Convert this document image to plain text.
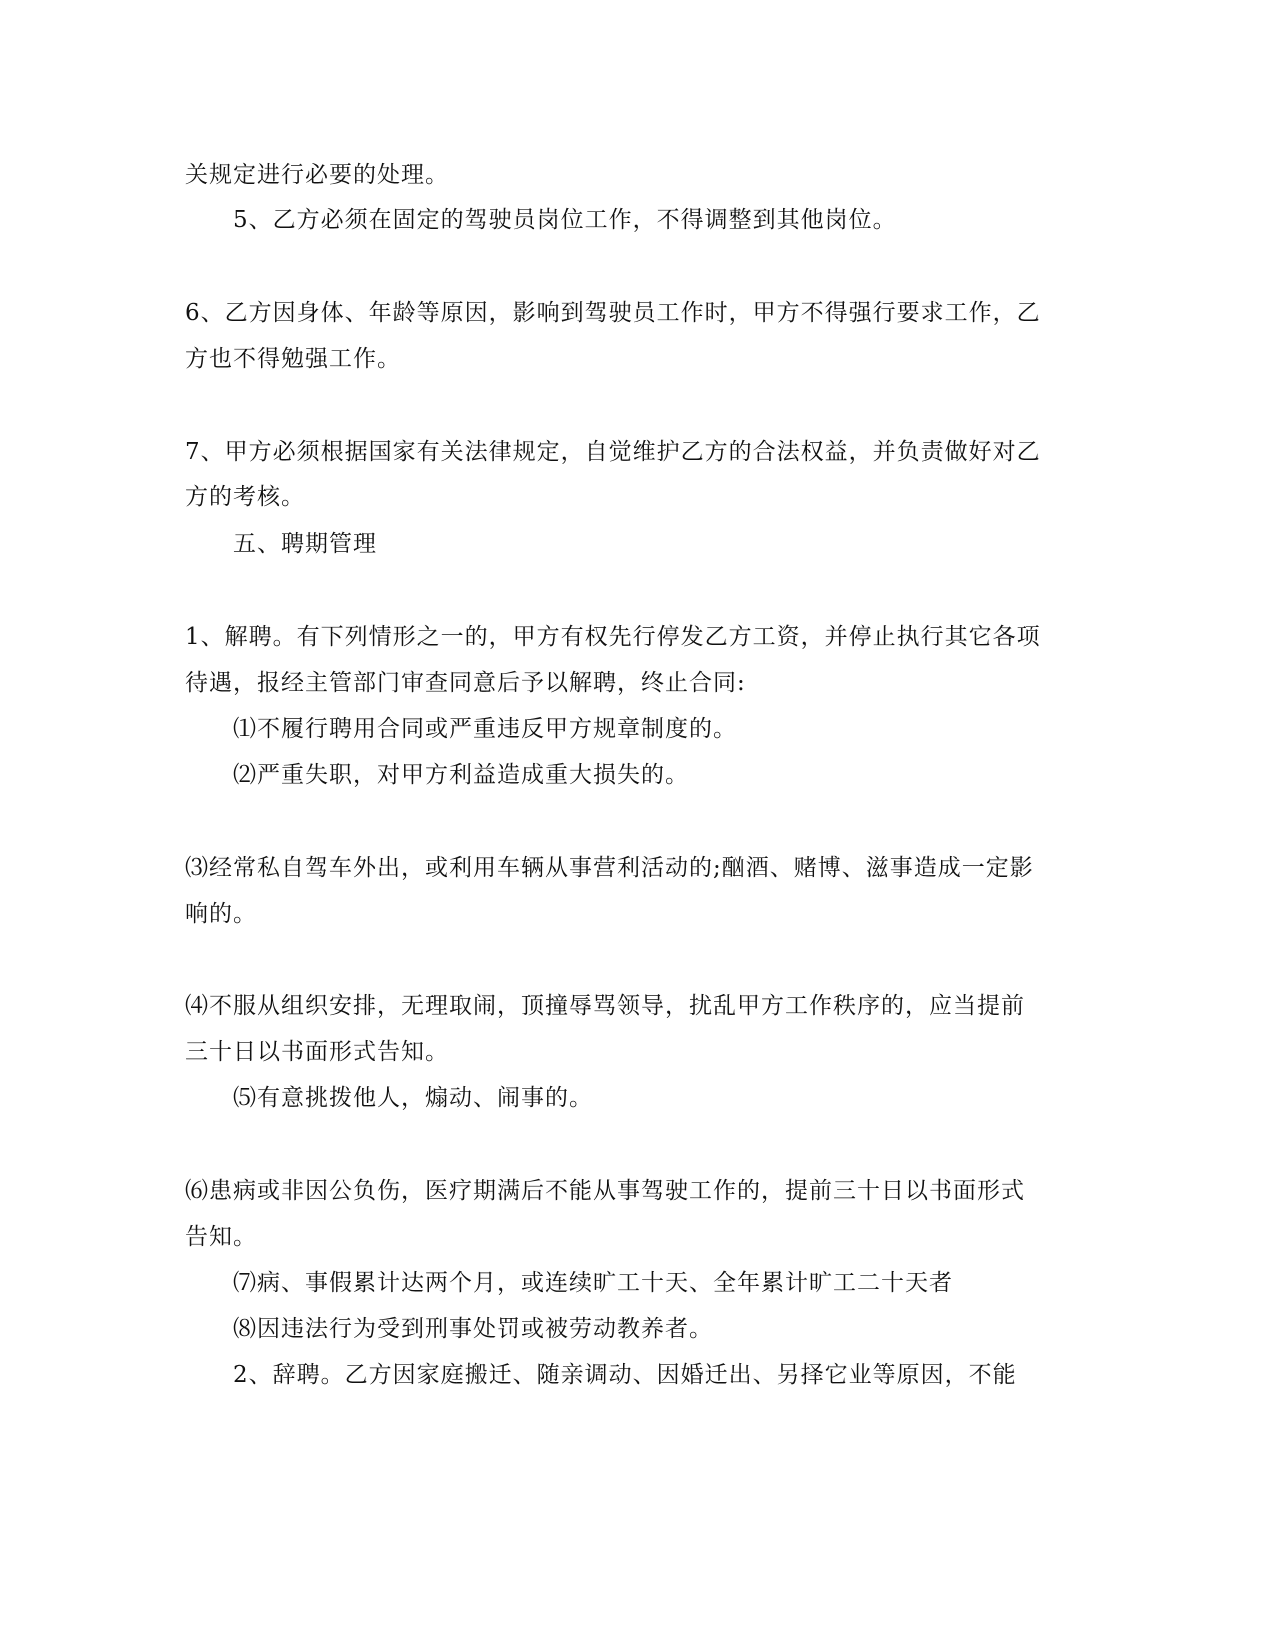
关规定进行必要的处理。

5、乙方必须在固定的驾驶员岗位工作，不得调整到其他岗位。

6、乙方因身体、年龄等原因，影响到驾驶员工作时，甲方不得强行要求工作，乙

方也不得勉强工作。

7、甲方必须根据国家有关法律规定，自觉维护乙方的合法权益，并负责做好对乙

方的考核。

五、聘期管理

1、解聘。有下列情形之一的，甲方有权先行停发乙方工资，并停止执行其它各项

待遇，报经主管部门审查同意后予以解聘，终止合同:

⑴不履行聘用合同或严重违反甲方规章制度的。

⑵严重失职，对甲方利益造成重大损失的。

⑶经常私自驾车外出，或利用车辆从事营利活动的;酗酒、赌博、滋事造成一定影

响的。

⑷不服从组织安排，无理取闹，顶撞辱骂领导，扰乱甲方工作秩序的，应当提前

三十日以书面形式告知。

⑸有意挑拨他人，煽动、闹事的。

⑹患病或非因公负伤，医疗期满后不能从事驾驶工作的，提前三十日以书面形式

告知。

⑺病、事假累计达两个月，或连续旷工十天、全年累计旷工二十天者

⑻因违法行为受到刑事处罚或被劳动教养者。

2、辞聘。乙方因家庭搬迁、随亲调动、因婚迁出、另择它业等原因，不能
